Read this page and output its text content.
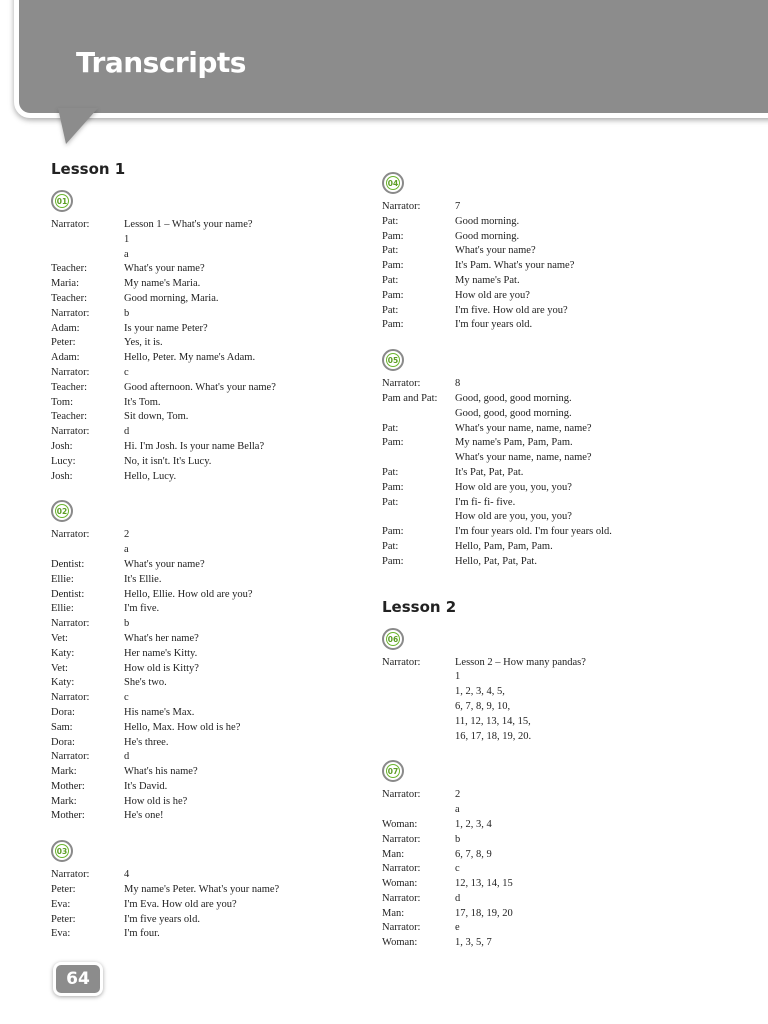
Transcripts
Lesson 1
01
Narrator:	Lesson 1 – What's your name?
1
a
Teacher:	What's your name?
Maria:	My name's Maria.
Teacher:	Good morning, Maria.
Narrator:	b
Adam:	Is your name Peter?
Peter:	Yes, it is.
Adam:	Hello, Peter. My name's Adam.
Narrator:	c
Teacher:	Good afternoon. What's your name?
Tom:	It's Tom.
Teacher:	Sit down, Tom.
Narrator:	d
Josh:	Hi. I'm Josh. Is your name Bella?
Lucy:	No, it isn't. It's Lucy.
Josh:	Hello, Lucy.
02
Narrator:	2
a
Dentist:	What's your name?
Ellie:	It's Ellie.
Dentist:	Hello, Ellie. How old are you?
Ellie:	I'm five.
Narrator:	b
Vet:	What's her name?
Katy:	Her name's Kitty.
Vet:	How old is Kitty?
Katy:	She's two.
Narrator:	c
Dora:	His name's Max.
Sam:	Hello, Max. How old is he?
Dora:	He's three.
Narrator:	d
Mark:	What's his name?
Mother:	It's David.
Mark:	How old is he?
Mother:	He's one!
03
Narrator:	4
Peter:	My name's Peter. What's your name?
Eva:	I'm Eva. How old are you?
Peter:	I'm five years old.
Eva:	I'm four.
04
Narrator:	7
Pat:	Good morning.
Pam:	Good morning.
Pat:	What's your name?
Pam:	It's Pam. What's your name?
Pat:	My name's Pat.
Pam:	How old are you?
Pat:	I'm five. How old are you?
Pam:	I'm four years old.
05
Narrator:	8
Pam and Pat:	Good, good, good morning.
Good, good, good morning.
Pat:	What's your name, name, name?
Pam:	My name's Pam, Pam, Pam.
What's your name, name, name?
Pat:	It's Pat, Pat, Pat.
Pam:	How old are you, you, you?
Pat:	I'm fi- fi- five.
How old are you, you, you?
Pam:	I'm four years old. I'm four years old.
Pat:	Hello, Pam, Pam, Pam.
Pam:	Hello, Pat, Pat, Pat.
Lesson 2
06
Narrator:	Lesson 2 – How many pandas?
1
1, 2, 3, 4, 5,
6, 7, 8, 9, 10,
11, 12, 13, 14, 15,
16, 17, 18, 19, 20.
07
Narrator:	2
a
Woman:	1, 2, 3, 4
Narrator:	b
Man:	6, 7, 8, 9
Narrator:	c
Woman:	12, 13, 14, 15
Narrator:	d
Man:	17, 18, 19, 20
Narrator:	e
Woman:	1, 3, 5, 7
64
